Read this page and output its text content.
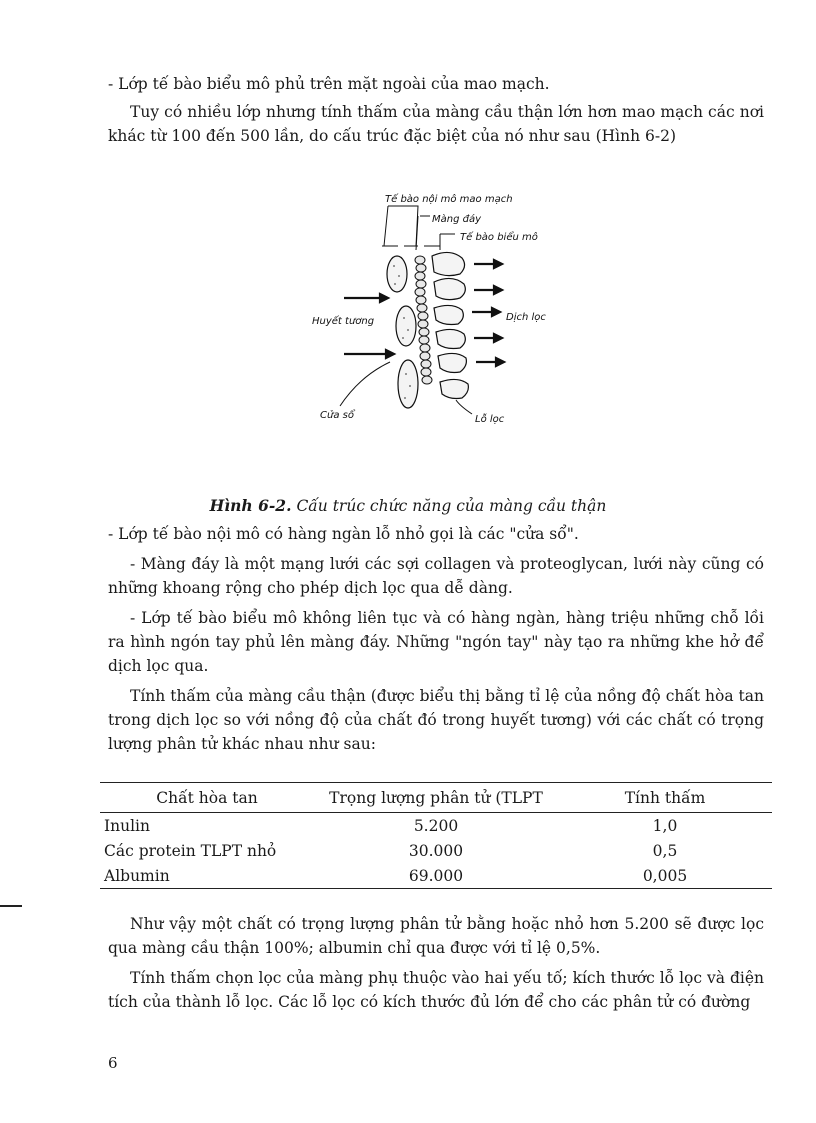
- Lớp tế bào biểu mô phủ trên mặt ngoài của mao mạch.

Tuy có nhiều lớp nhưng tính thấm của màng cầu thận lớn hơn mao mạch các nơi khác từ 100 đến 500 lần, do cấu trúc đặc biệt của nó như sau (Hình 6-2)

Tế bào nội mô mao mạch
Màng đáy
Tế bào biểu mô
Huyết tương	Dịch lọc
Cửa sổ	Lỗ lọc
Hình 6-2. Cấu trúc chức năng của màng cầu thận

- Lớp tế bào nội mô có hàng ngàn lỗ nhỏ gọi là các "cửa sổ".

- Màng đáy là một mạng lưới các sợi collagen và proteoglycan, lưới này cũng có những khoang rộng cho phép dịch lọc qua dễ dàng.

- Lớp tế bào biểu mô không liên tục và có hàng ngàn, hàng triệu những chỗ lồi ra hình ngón tay phủ lên màng đáy. Những "ngón tay" này tạo ra những khe hở để dịch lọc qua.

Tính thấm của màng cầu thận (được biểu thị bằng tỉ lệ của nồng độ chất hòa tan trong dịch lọc so với nồng độ của chất đó trong huyết tương) với các chất có trọng lượng phân tử khác nhau như sau:

Chất hòa tan	Trọng lượng phân tử (TLPT	Tính thấm
Inulin	5.200	1,0
Các protein TLPT nhỏ	30.000	0,5
Albumin	69.000	0,005

Như vậy một chất có trọng lượng phân tử bằng hoặc nhỏ hơn 5.200 sẽ được lọc qua màng cầu thận 100%; albumin chỉ qua được với tỉ lệ 0,5%.

Tính thấm chọn lọc của màng phụ thuộc vào hai yếu tố; kích thước lỗ lọc và điện tích của thành lỗ lọc. Các lỗ lọc có kích thước đủ lớn để cho các phân tử có đường

6
